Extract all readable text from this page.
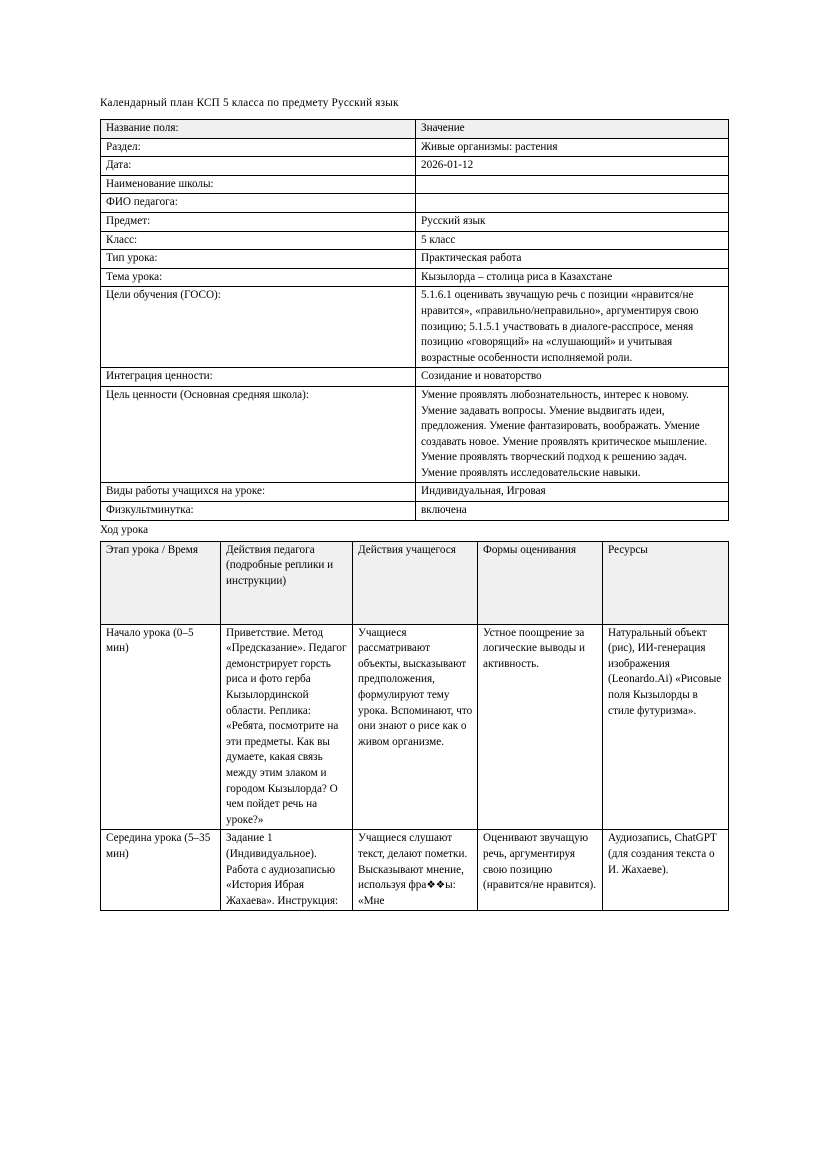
Календарный план КСП 5 класса по предмету Русский язык

Название поля:	Значение
Раздел:	Живые организмы: растения
Дата:	2026-01-12
Наименование школы:	
ФИО педагога:	
Предмет:	Русский язык
Класс:	5 класс
Тип урока:	Практическая работа
Тема урока:	Кызылорда – столица риса в Казахстане
Цели обучения (ГОСО):	5.1.6.1 оценивать звучащую речь с позиции «нравится/не нравится», «правильно/неправильно», аргументируя свою позицию; 5.1.5.1 участвовать в диалоге-расспросе, меняя позицию «говорящий» на «слушающий» и учитывая возрастные особенности исполняемой роли.
Интеграция ценности:	Созидание и новаторство
Цель ценности (Основная средняя школа):	Умение проявлять любознательность, интерес к новому. Умение задавать вопросы. Умение выдвигать идеи, предложения. Умение фантазировать, воображать. Умение создавать новое. Умение проявлять критическое мышление. Умение проявлять творческий подход к решению задач. Умение проявлять исследовательские навыки.
Виды работы учащихся на уроке:	Индивидуальная, Игровая
Физкультминутка:	включена

Ход урока

Этап урока / Время	Действия педагога (подробные реплики и инструкции)	Действия учащегося	Формы оценивания	Ресурсы
Начало урока (0–5 мин)	Приветствие. Метод «Предсказание». Педагог демонстрирует горсть риса и фото герба Кызылординской области. Реплика: «Ребята, посмотрите на эти предметы. Как вы думаете, какая связь между этим злаком и городом Кызылорда? О чем пойдет речь на уроке?»	Учащиеся рассматривают объекты, высказывают предположения, формулируют тему урока. Вспоминают, что они знают о рисе как о живом организме.	Устное поощрение за логические выводы и активность.	Натуральный объект (рис), ИИ-генерация изображения (Leonardo.Ai) «Рисовые поля Кызылорды в стиле футуризма».
Середина урока (5–35 мин)	Задание 1 (Индивидуальное). Работа с аудиозаписью «История Ибрая Жахаева». Инструкция:	Учащиеся слушают текст, делают пометки. Высказывают мнение, используя фра❖❖ы: «Мне	Оценивают звучащую речь, аргументируя свою позицию (нравится/не нравится).	Аудиозапись, ChatGPT (для создания текста о И. Жахаеве).
